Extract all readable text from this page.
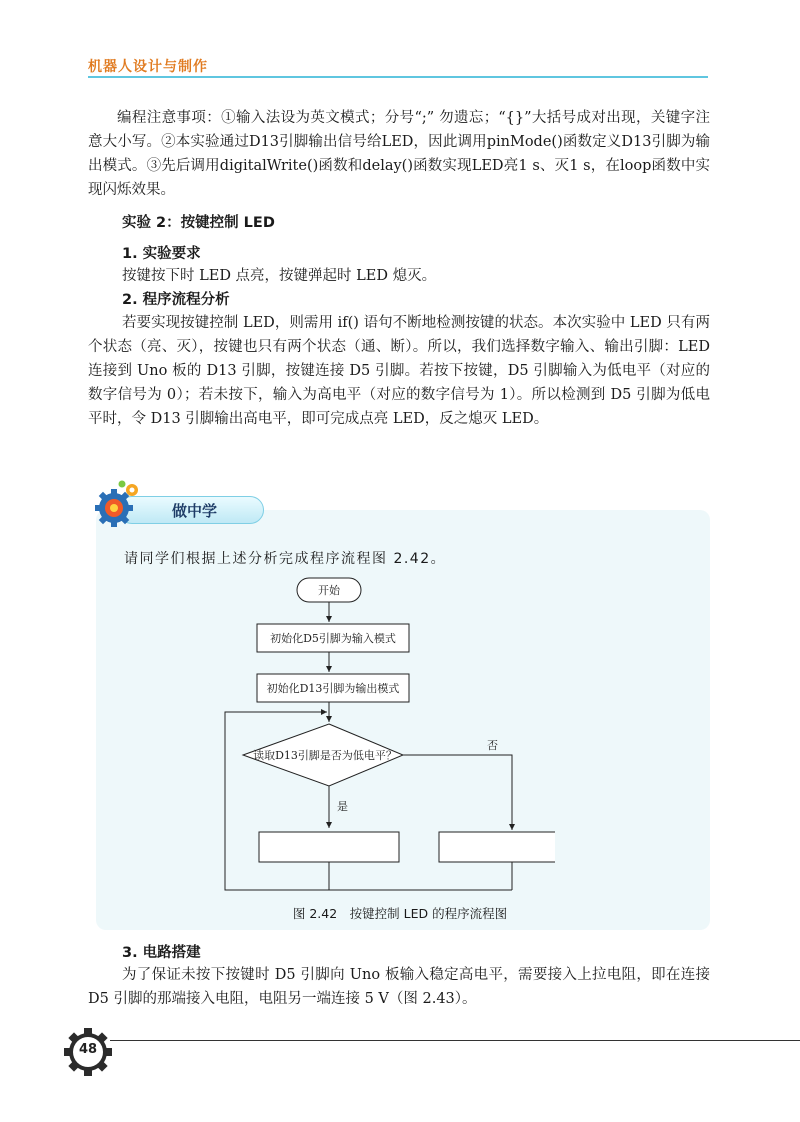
机器人设计与制作

编程注意事项：①输入法设为英文模式；分号“;” 勿遗忘；“{}”大括号成对出现，关键字注意大小写。②本实验通过D13引脚输出信号给LED，因此调用pinMode()函数定义D13引脚为输出模式。③先后调用digitalWrite()函数和delay()函数实现LED亮1 s、灭1 s，在loop函数中实现闪烁效果。

实验 2：按键控制 LED
1. 实验要求

按键按下时 LED 点亮，按键弹起时 LED 熄灭。

2. 程序流程分析

若要实现按键控制 LED，则需用 if() 语句不断地检测按键的状态。本次实验中 LED 只有两个状态（亮、灭），按键也只有两个状态（通、断）。所以，我们选择数字输入、输出引脚：LED 连接到 Uno 板的 D13 引脚，按键连接 D5 引脚。若按下按键，D5 引脚输入为低电平（对应的数字信号为 0）；若未按下，输入为高电平（对应的数字信号为 1）。所以检测到 D5 引脚为低电平时，令 D13 引脚输出高电平，即可完成点亮 LED，反之熄灭 LED。

做中学
请同学们根据上述分析完成程序流程图 2.42。
开始
初始化D5引脚为输入模式
初始化D13引脚为输出模式
读取D13引脚是否为低电平？
是
否
图 2.42　按键控制 LED 的程序流程图
3. 电路搭建

为了保证未按下按键时 D5 引脚向 Uno 板输入稳定高电平，需要接入上拉电阻，即在连接 D5 引脚的那端接入电阻，电阻另一端连接 5 V（图 2.43）。

48
